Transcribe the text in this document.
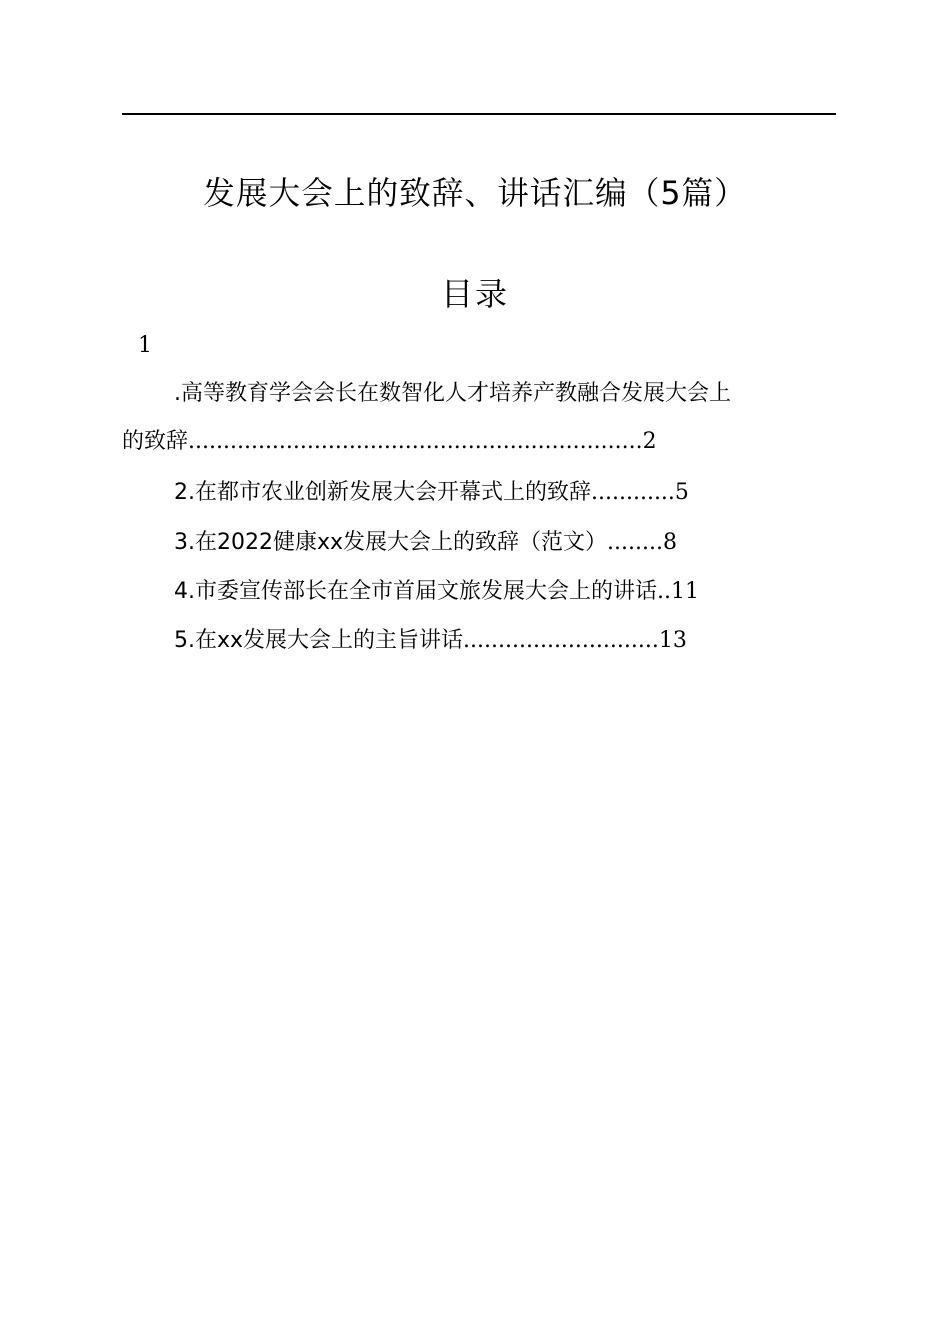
发展大会上的致辞、讲话汇编（5篇）
目录
1
.高等教育学会会长在数智化人才培养产教融合发展大会上
的致辞.................................................................2
2.在都市农业创新发展大会开幕式上的致辞............5
3.在2022健康xx发展大会上的致辞（范文）........8
4.市委宣传部长在全市首届文旅发展大会上的讲话..11
5.在xx发展大会上的主旨讲话............................13
